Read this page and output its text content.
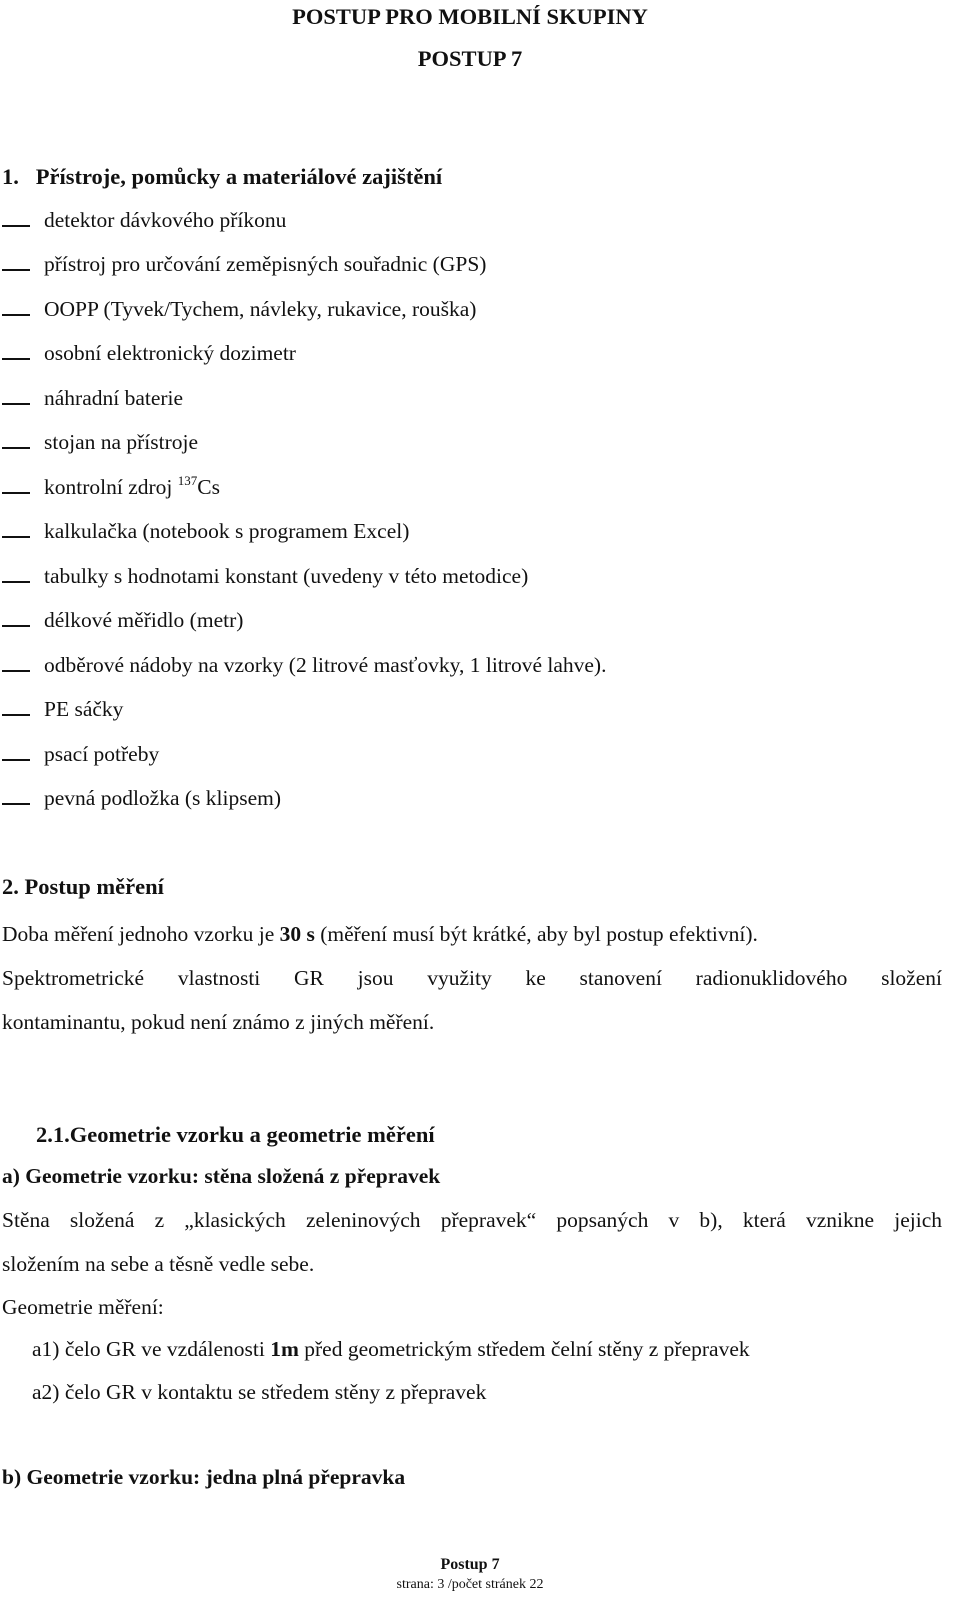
POSTUP PRO MOBILNÍ SKUPINY
POSTUP 7
1. Přístroje, pomůcky a materiálové zajištění
detektor dávkového příkonu
přístroj pro určování zeměpisných souřadnic (GPS)
OOPP (Tyvek/Tychem, návleky, rukavice, rouška)
osobní elektronický dozimetr
náhradní baterie
stojan na přístroje
kontrolní zdroj $^{137}$Cs
kalkulačka (notebook s programem Excel)
tabulky s hodnotami konstant (uvedeny v této metodice)
délkové měřidlo (metr)
odběrové nádoby na vzorky (2 litrové masťovky, 1 litrové lahve).
PE sáčky
psací potřeby
pevná podložka (s klipsem)
2. Postup měření
Doba měření jednoho vzorku je 30 s (měření musí být krátké, aby byl postup efektivní).
Spektrometrické vlastnosti GR jsou využity ke stanovení radionuklidového složení
kontaminantu, pokud není známo z jiných měření.
2.1.Geometrie vzorku a geometrie měření
a) Geometrie vzorku: stěna složená z přepravek
Stěna složená z „klasických zeleninových přepravek“ popsaných v b), která vznikne jejich
složením na sebe a těsně vedle sebe.
Geometrie měření:
a1) čelo GR ve vzdálenosti 1m před geometrickým středem čelní stěny z přepravek
a2) čelo GR v kontaktu se středem stěny z přepravek
b) Geometrie vzorku: jedna plná přepravka
Postup 7
strana: 3 /počet stránek 22
